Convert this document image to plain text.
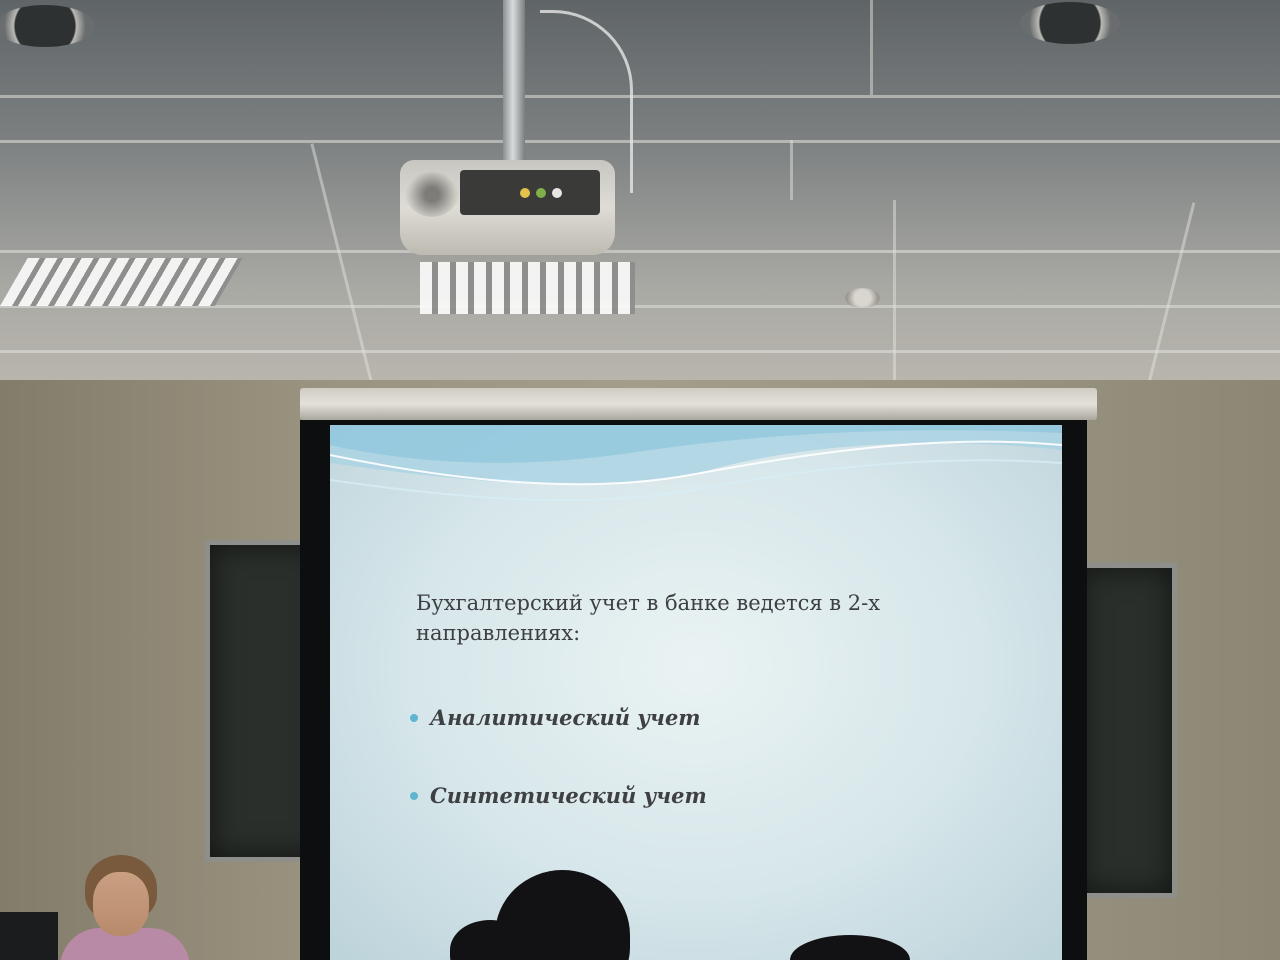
Бухгалтерский учет в банке ведется в 2-х
направлениях:
Аналитический учет
Синтетический учет
